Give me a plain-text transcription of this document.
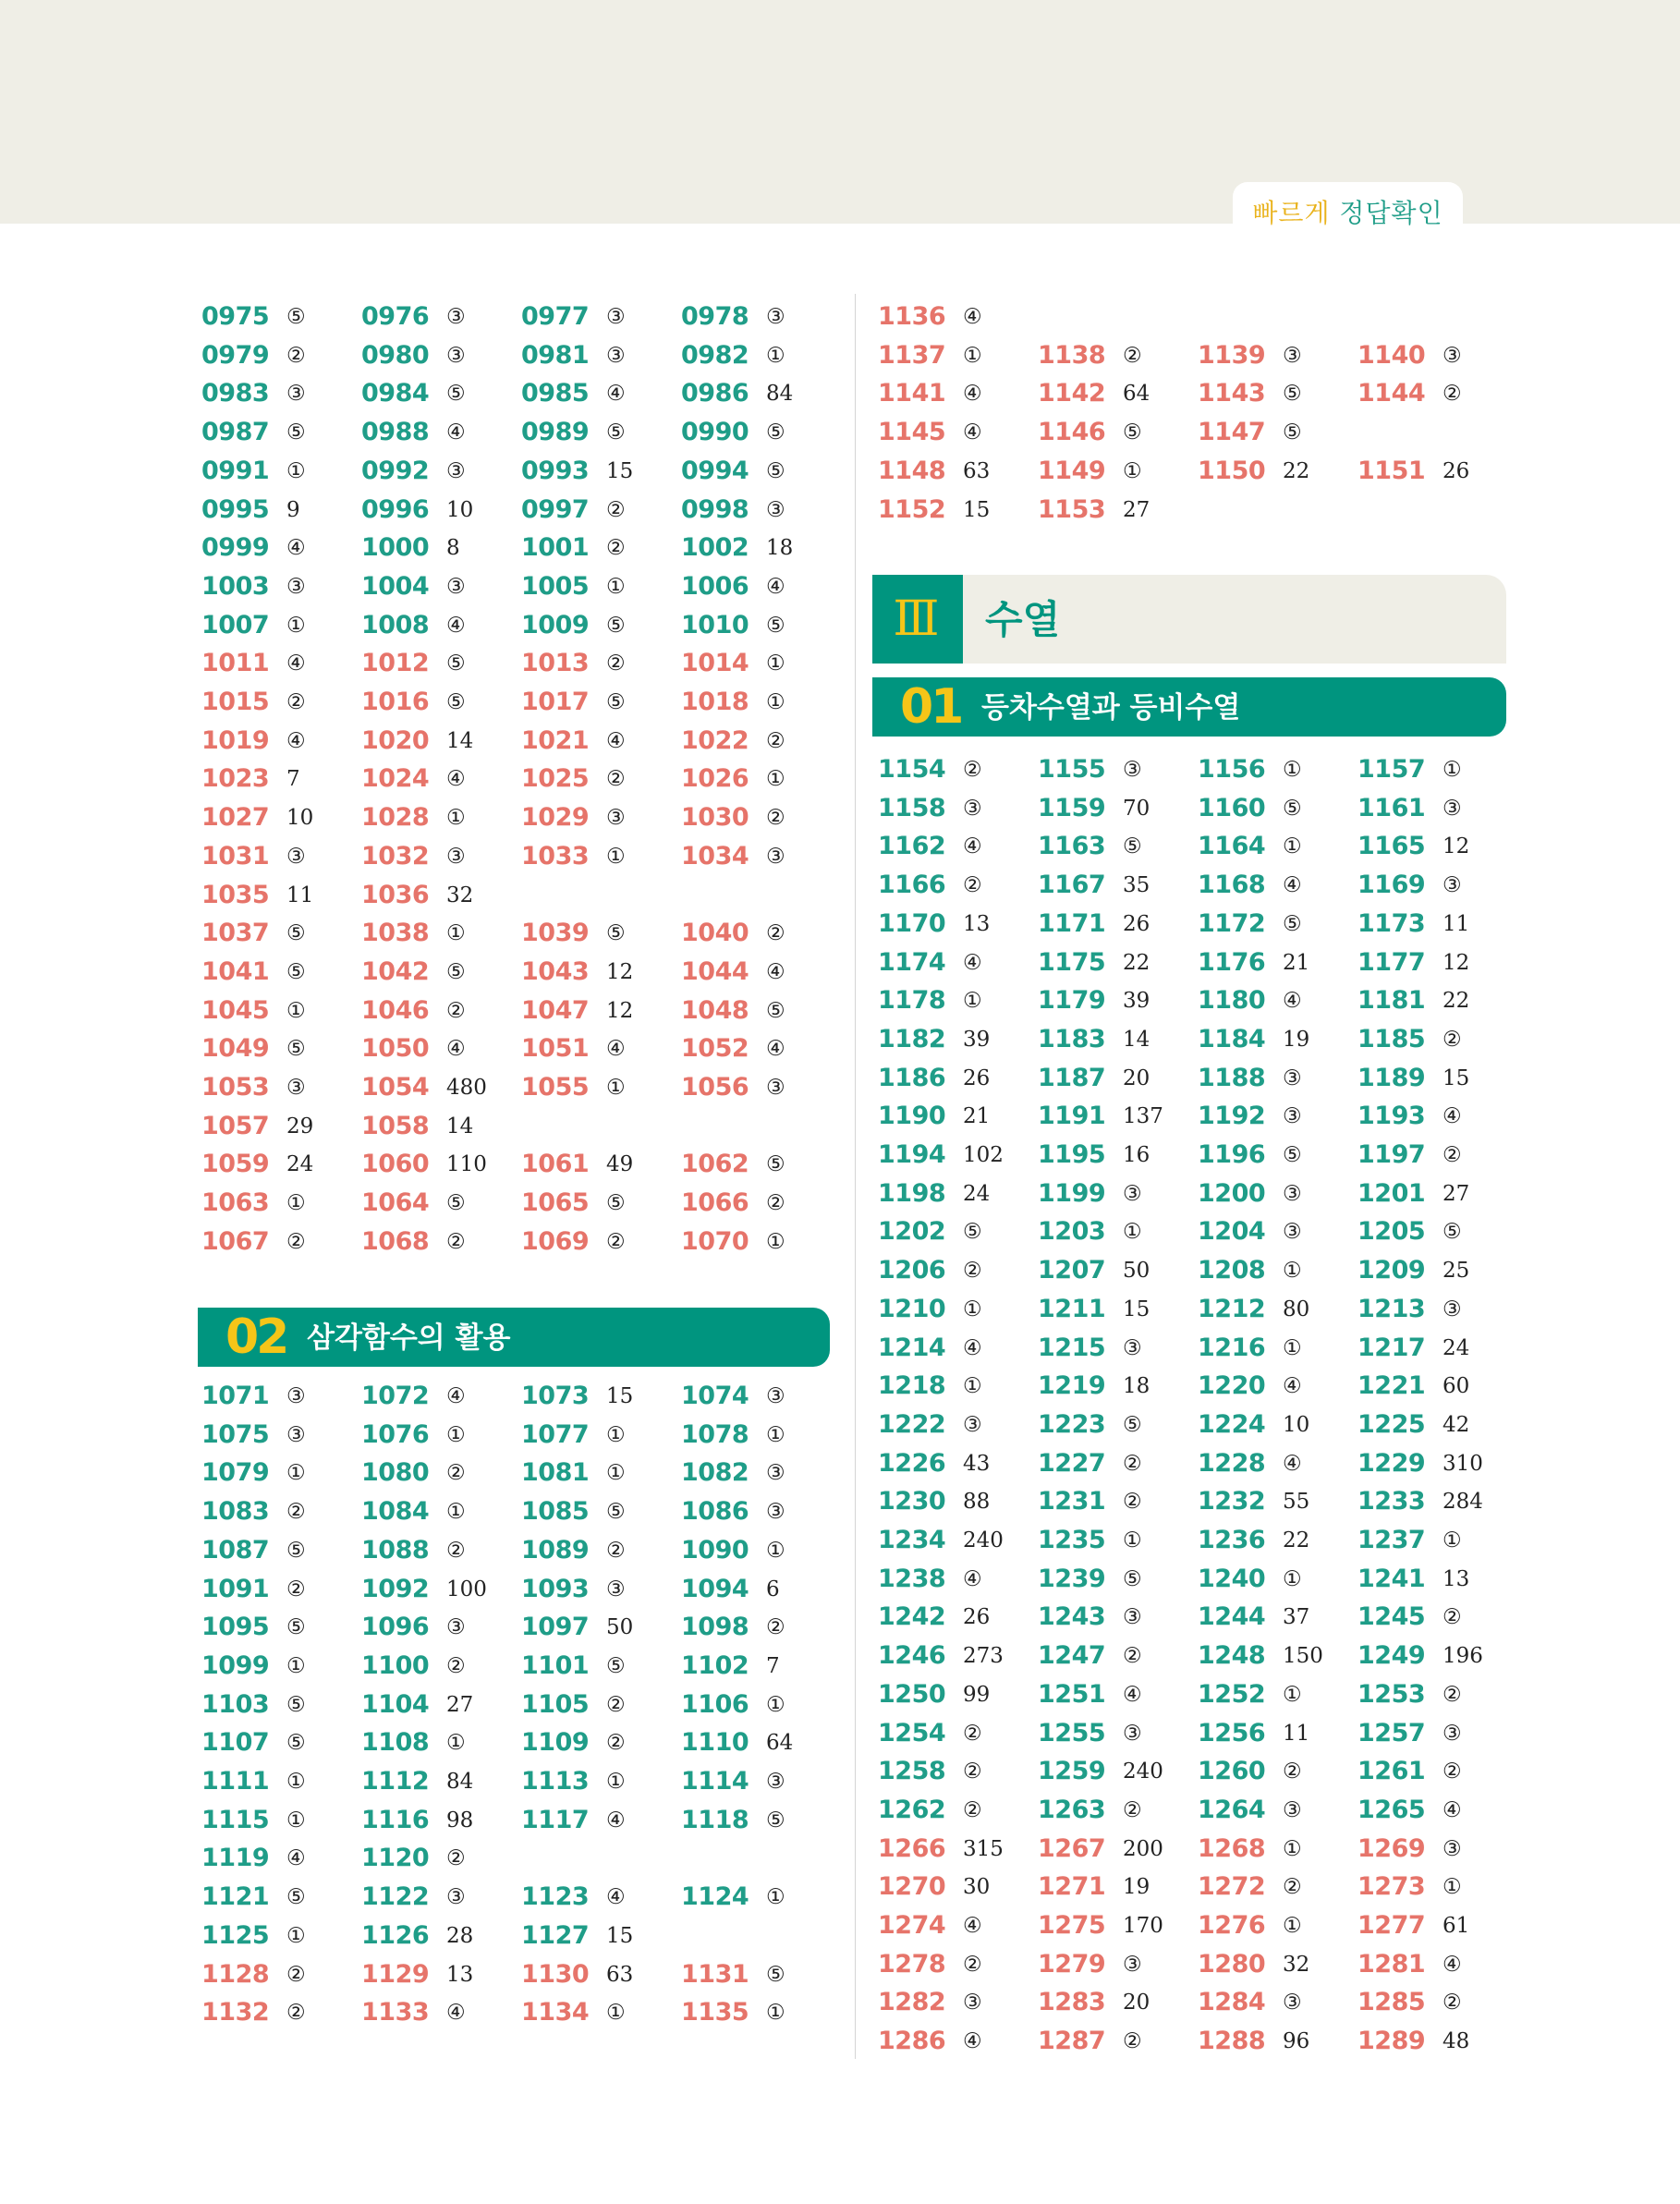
빠르게 정답확인
0975 ⑤ 0976 ③ 0977 ③ 0978 ③
0979 ② 0980 ③ 0981 ③ 0982 ①
0983 ③ 0984 ⑤ 0985 ④ 0986 84
0987 ⑤ 0988 ④ 0989 ⑤ 0990 ⑤
0991 ① 0992 ③ 0993 15 0994 ⑤
0995 9 0996 10 0997 ② 0998 ③
0999 ④ 1000 8 1001 ② 1002 18
1003 ③ 1004 ③ 1005 ① 1006 ④
1007 ① 1008 ④ 1009 ⑤ 1010 ⑤
1011 ④ 1012 ⑤ 1013 ② 1014 ①
1015 ② 1016 ⑤ 1017 ⑤ 1018 ①
1019 ④ 1020 14 1021 ④ 1022 ②
1023 7 1024 ④ 1025 ② 1026 ①
1027 10 1028 ① 1029 ③ 1030 ②
1031 ③ 1032 ③ 1033 ① 1034 ③
1035 11 1036 32
1037 ⑤ 1038 ① 1039 ⑤ 1040 ②
1041 ⑤ 1042 ⑤ 1043 12 1044 ④
1045 ① 1046 ② 1047 12 1048 ⑤
1049 ⑤ 1050 ④ 1051 ④ 1052 ④
1053 ③ 1054 480 1055 ① 1056 ③
1057 29 1058 14
1059 24 1060 110 1061 49 1062 ⑤
1063 ① 1064 ⑤ 1065 ⑤ 1066 ②
1067 ② 1068 ② 1069 ② 1070 ①
1071 ③ 1072 ④ 1073 15 1074 ③
1075 ③ 1076 ① 1077 ① 1078 ①
1079 ① 1080 ② 1081 ① 1082 ③
1083 ② 1084 ① 1085 ⑤ 1086 ③
1087 ⑤ 1088 ② 1089 ② 1090 ①
1091 ② 1092 100 1093 ③ 1094 6
1095 ⑤ 1096 ③ 1097 50 1098 ②
1099 ① 1100 ② 1101 ⑤ 1102 7
1103 ⑤ 1104 27 1105 ② 1106 ①
1107 ⑤ 1108 ① 1109 ② 1110 64
1111 ① 1112 84 1113 ① 1114 ③
1115 ① 1116 98 1117 ④ 1118 ⑤
1119 ④ 1120 ②
1121 ⑤ 1122 ③ 1123 ④ 1124 ①
1125 ① 1126 28 1127 15
1128 ② 1129 13 1130 63 1131 ⑤
1132 ② 1133 ④ 1134 ① 1135 ①
1136 ④
1137 ① 1138 ② 1139 ③ 1140 ③
1141 ④ 1142 64 1143 ⑤ 1144 ②
1145 ④ 1146 ⑤ 1147 ⑤
1148 63 1149 ① 1150 22 1151 26
1152 15 1153 27
1154 ② 1155 ③ 1156 ① 1157 ①
1158 ③ 1159 70 1160 ⑤ 1161 ③
1162 ④ 1163 ⑤ 1164 ① 1165 12
1166 ② 1167 35 1168 ④ 1169 ③
1170 13 1171 26 1172 ⑤ 1173 11
1174 ④ 1175 22 1176 21 1177 12
1178 ① 1179 39 1180 ④ 1181 22
1182 39 1183 14 1184 19 1185 ②
1186 26 1187 20 1188 ③ 1189 15
1190 21 1191 137 1192 ③ 1193 ④
1194 102 1195 16 1196 ⑤ 1197 ②
1198 24 1199 ③ 1200 ③ 1201 27
1202 ⑤ 1203 ① 1204 ③ 1205 ⑤
1206 ② 1207 50 1208 ① 1209 25
1210 ① 1211 15 1212 80 1213 ③
1214 ④ 1215 ③ 1216 ① 1217 24
1218 ① 1219 18 1220 ④ 1221 60
1222 ③ 1223 ⑤ 1224 10 1225 42
1226 43 1227 ② 1228 ④ 1229 310
1230 88 1231 ② 1232 55 1233 284
1234 240 1235 ① 1236 22 1237 ①
1238 ④ 1239 ⑤ 1240 ① 1241 13
1242 26 1243 ③ 1244 37 1245 ②
1246 273 1247 ② 1248 150 1249 196
1250 99 1251 ④ 1252 ① 1253 ②
1254 ② 1255 ③ 1256 11 1257 ③
1258 ② 1259 240 1260 ② 1261 ②
1262 ② 1263 ② 1264 ③ 1265 ④
1266 315 1267 200 1268 ① 1269 ③
1270 30 1271 19 1272 ② 1273 ①
1274 ④ 1275 170 1276 ① 1277 61
1278 ② 1279 ③ 1280 32 1281 ④
1282 ③ 1283 20 1284 ③ 1285 ②
1286 ④ 1287 ② 1288 96 1289 48
02 삼각함수의 활용
Ⅲ	수열
01 등차수열과 등비수열
